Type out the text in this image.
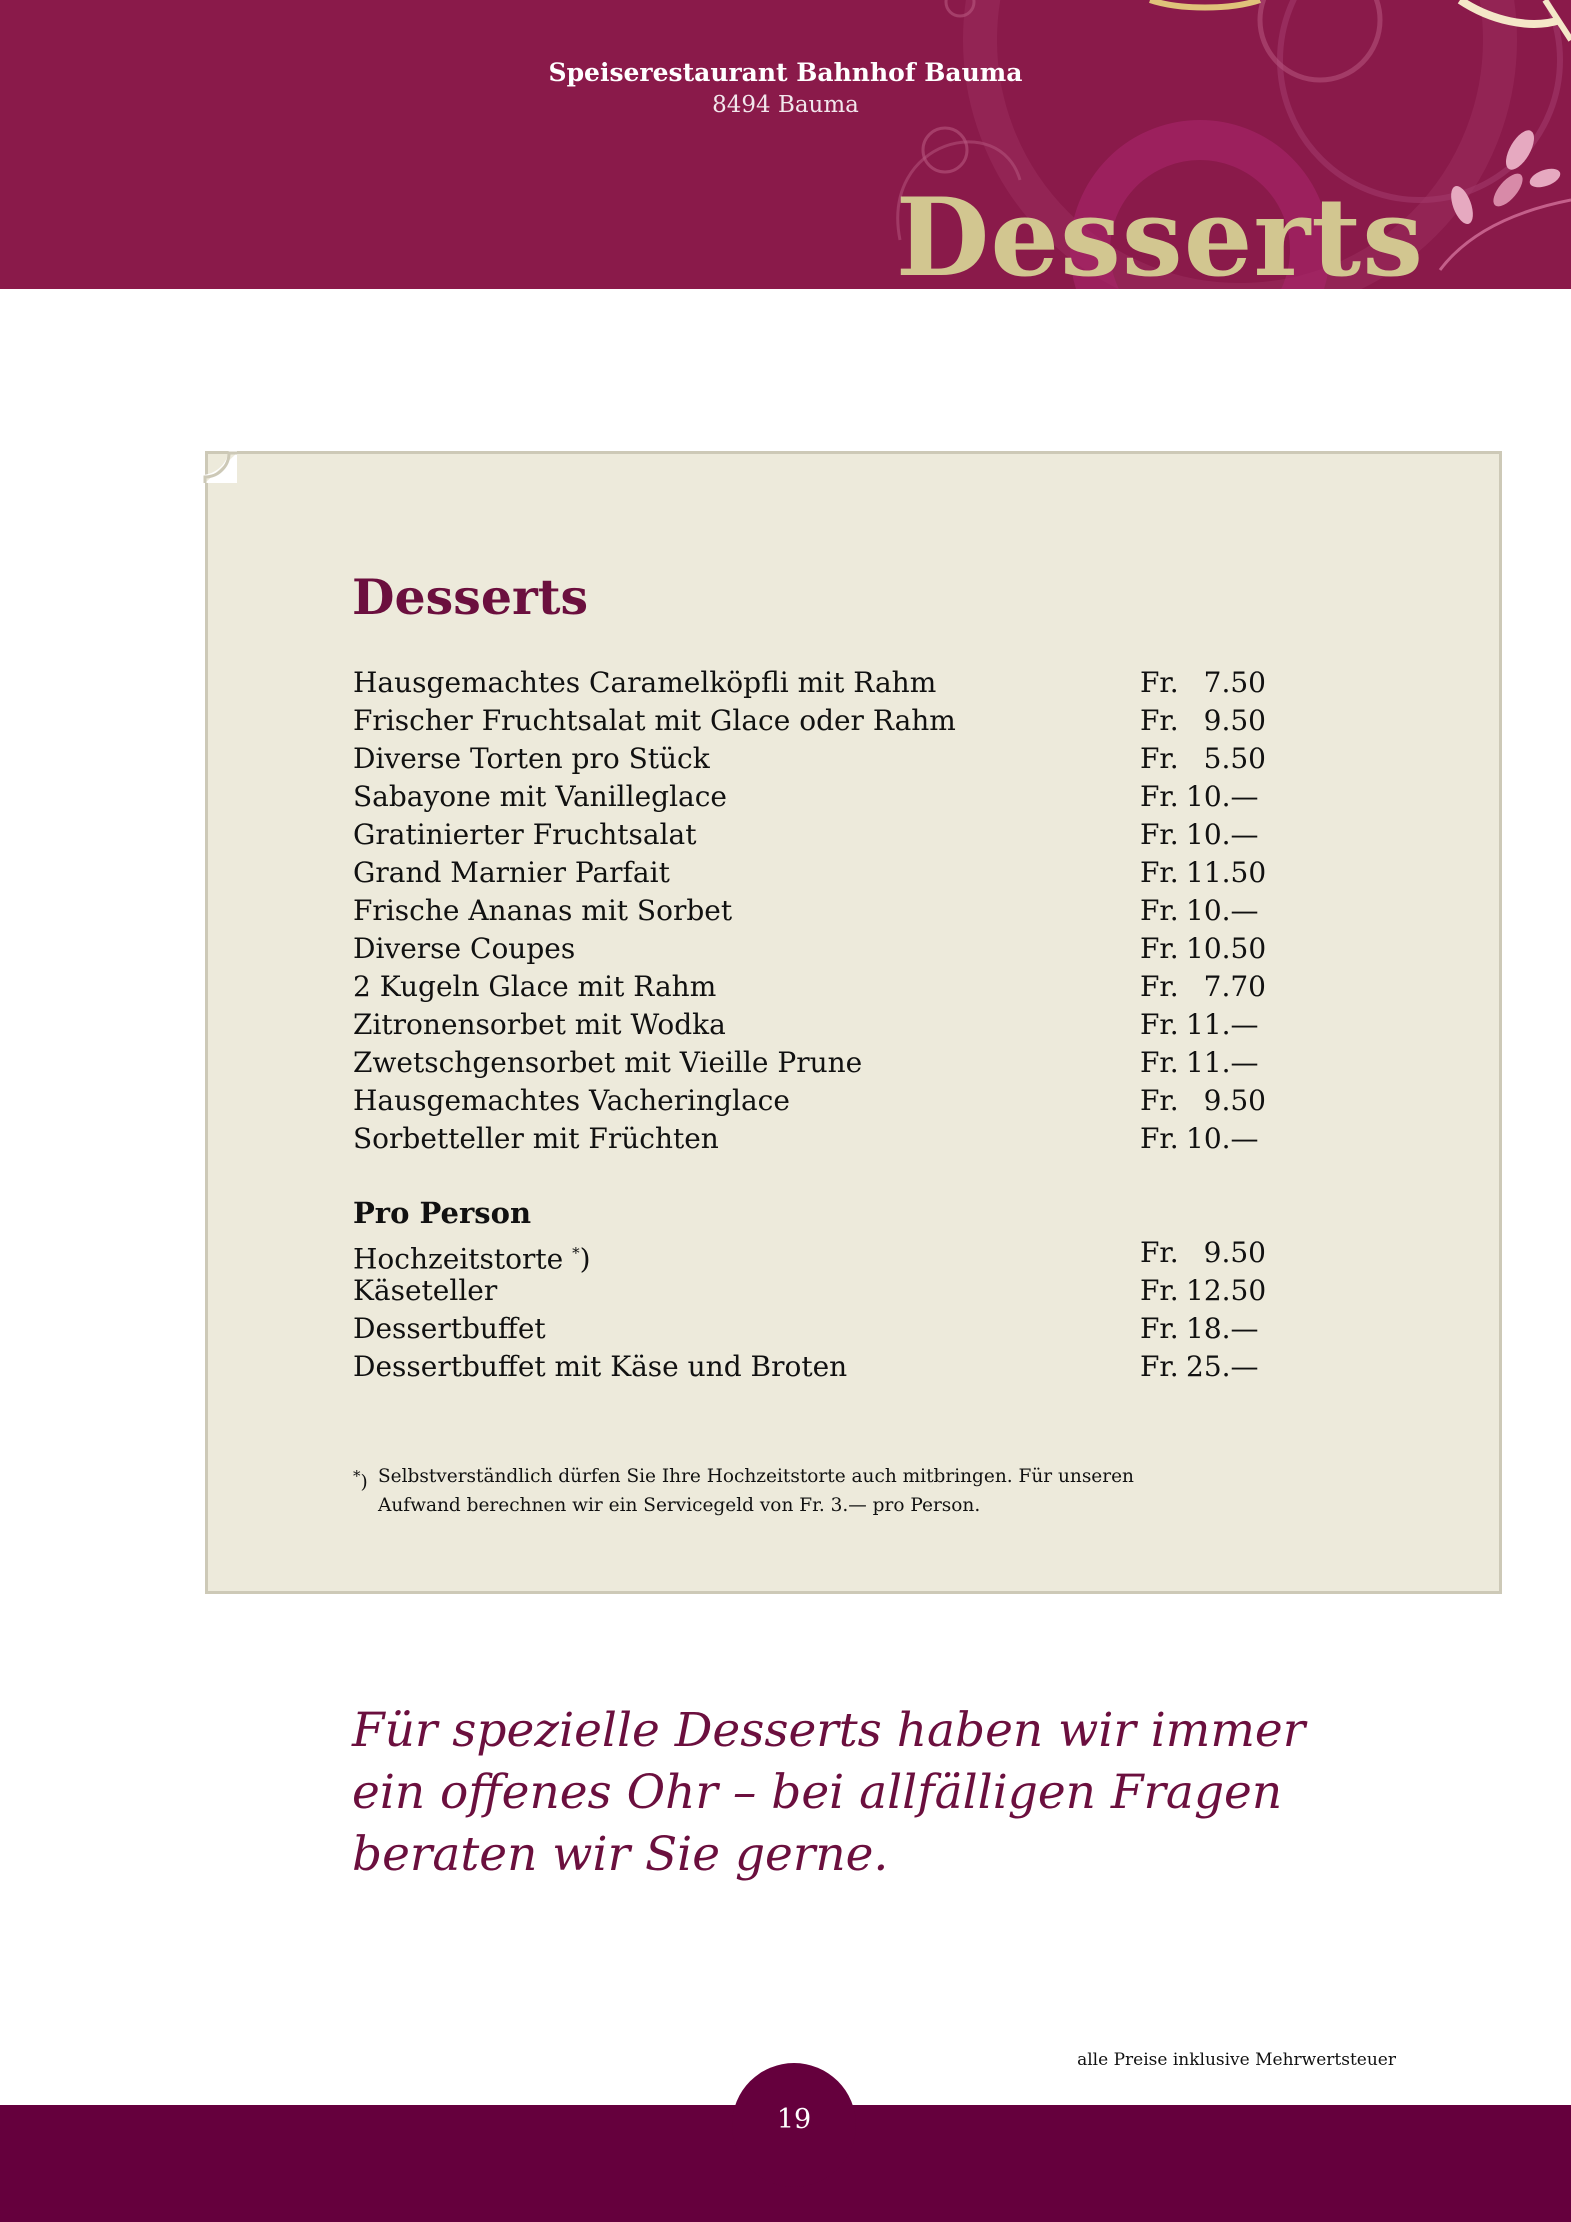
Speiserestaurant Bahnhof Bauma
8494 Bauma
Desserts
Desserts
Hausgemachtes Caramelköpfli mit Rahm	Fr. 7.50
Frischer Fruchtsalat mit Glace oder Rahm	Fr. 9.50
Diverse Torten pro Stück	Fr. 5.50
Sabayone mit Vanilleglace	Fr. 10.—
Gratinierter Fruchtsalat	Fr. 10.—
Grand Marnier Parfait	Fr. 11.50
Frische Ananas mit Sorbet	Fr. 10.—
Diverse Coupes	Fr. 10.50
2 Kugeln Glace mit Rahm	Fr. 7.70
Zitronensorbet mit Wodka	Fr. 11.—
Zwetschgensorbet mit Vieille Prune	Fr. 11.—
Hausgemachtes Vacheringlace	Fr. 9.50
Sorbetteller mit Früchten	Fr. 10.—
Pro Person
Hochzeitstorte *)	Fr. 9.50
Käseteller	Fr. 12.50
Dessertbuffet	Fr. 18.—
Dessertbuffet mit Käse und Broten	Fr. 25.—
*) Selbstverständlich dürfen Sie Ihre Hochzeitstorte auch mitbringen. Für unseren Aufwand berechnen wir ein Servicegeld von Fr. 3.— pro Person.
Für spezielle Desserts haben wir immer ein offenes Ohr – bei allfälligen Fragen beraten wir Sie gerne.
alle Preise inklusive Mehrwertsteuer
19
